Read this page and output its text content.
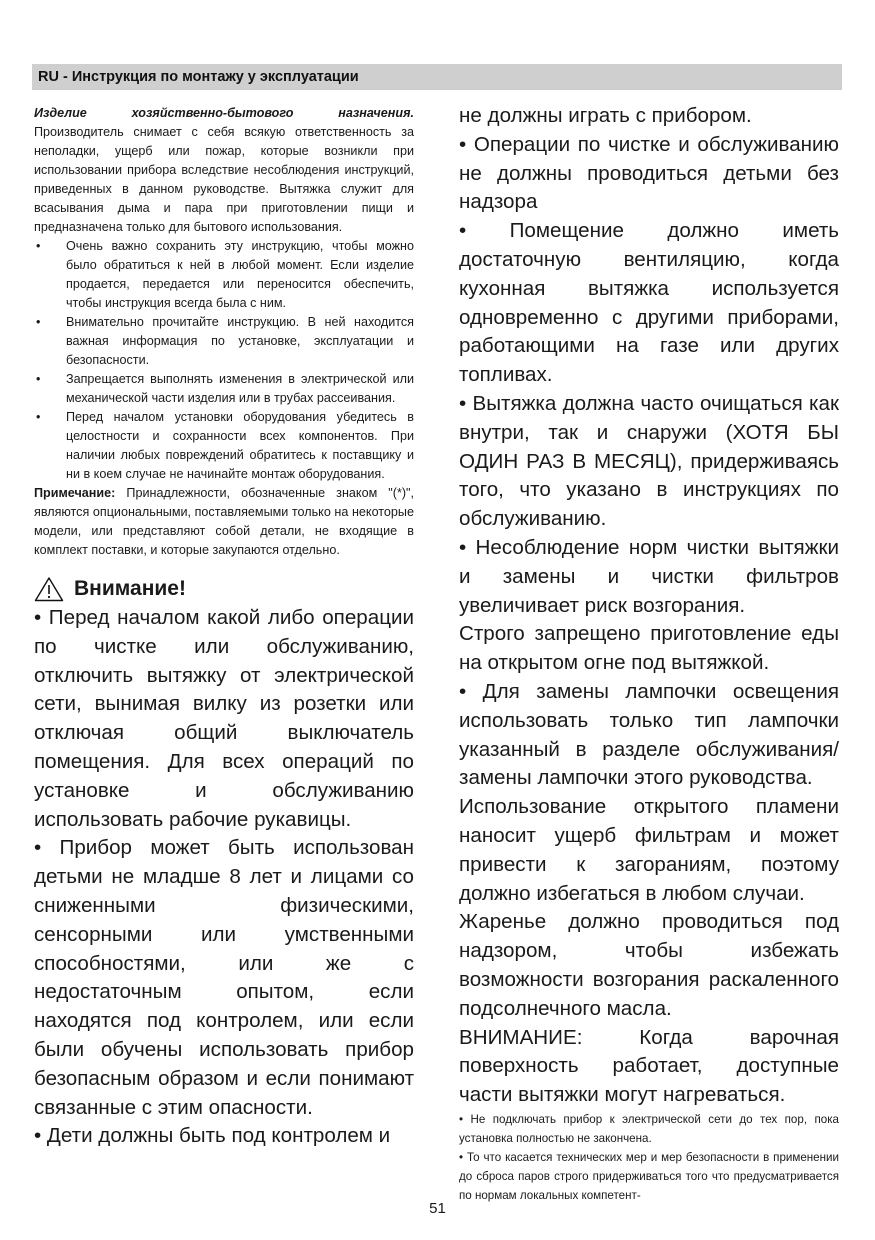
RU - Инструкция по монтажу у эксплуатации

Изделие хозяйственно-бытового назначения. Производитель снимает с себя всякую ответственность за неполадки, ущерб или пожар, которые возникли при использовании прибора вследствие несоблюдения инструкций, приведенных в данном руководстве. Вытяжка служит для всасывания дыма и пара при приготовлении пищи и предназначена только для бытового использования.

•	Очень важно сохранить эту инструкцию, чтобы можно было обратиться к ней в любой момент. Если изделие продается, передается или переносится обеспечить, чтобы инструкция всегда была с ним.
•	Внимательно прочитайте инструкцию. В ней находится важная информация по установке, эксплуатации и безопасности.
•	Запрещается выполнять изменения в электрической или механической части изделия или в трубах рассеивания.
•	Перед началом установки оборудования убедитесь в целостности и сохранности всех компонентов. При наличии любых повреждений обратитесь к поставщику и ни в коем случае не начинайте монтаж оборудования.

Примечание: Принадлежности, обозначенные знаком "(*)", являются опциональными, поставляемыми только на некоторые модели, или представляют собой детали, не входящие в комплект поставки, и которые закупаются отдельно.

Внимание!

• Перед началом какой либо операции по чистке или обслуживанию, отключить вытяжку от электрической сети, вынимая вилку из розетки или отключая общий выключатель помещения. Для всех операций по установке и обслуживанию использовать рабочие рукавицы.

• Прибор может быть использован детьми не младше 8 лет и лицами со сниженными физическими, сенсорными или умственными способностями, или же с недостаточным опытом, если находятся под контролем, или если были обучены использовать прибор безопасным образом и если понимают связанные с этим опасности.

• Дети должны быть под контролем и

не должны играть с прибором.

• Операции по чистке и обслуживанию не должны проводиться детьми без надзора

• Помещение должно иметь достаточную вентиляцию, когда кухонная вытяжка используется одновременно с другими приборами, работающими на газе или других топливах.

• Вытяжка должна часто очищаться как внутри, так и снаружи (ХОТЯ БЫ ОДИН РАЗ В МЕСЯЦ), придерживаясь того, что указано в инструкциях по обслуживанию.

• Несоблюдение норм чистки вытяжки и замены и чистки фильтров увеличивает риск возгорания.

Строго запрещено приготовление еды на открытом огне под вытяжкой.

• Для замены лампочки освещения использовать только тип лампочки указанный в разделе обслуживания/замены лампочки этого руководства.

Использование открытого пламени наносит ущерб фильтрам и может привести к загораниям, поэтому должно избегаться в любом случаи.

Жаренье должно проводиться под надзором, чтобы избежать возможности возгорания раскаленного подсолнечного масла.

ВНИМАНИЕ: Когда варочная поверхность работает, доступные части вытяжки могут нагреваться.

• Не подключать прибор к электрической сети до тех пор, пока установка полностью не закончена.

• То что касается технических мер и мер безопасности в применении до сброса паров строго придерживаться того что предусматривается по нормам локальных компетент-

51
